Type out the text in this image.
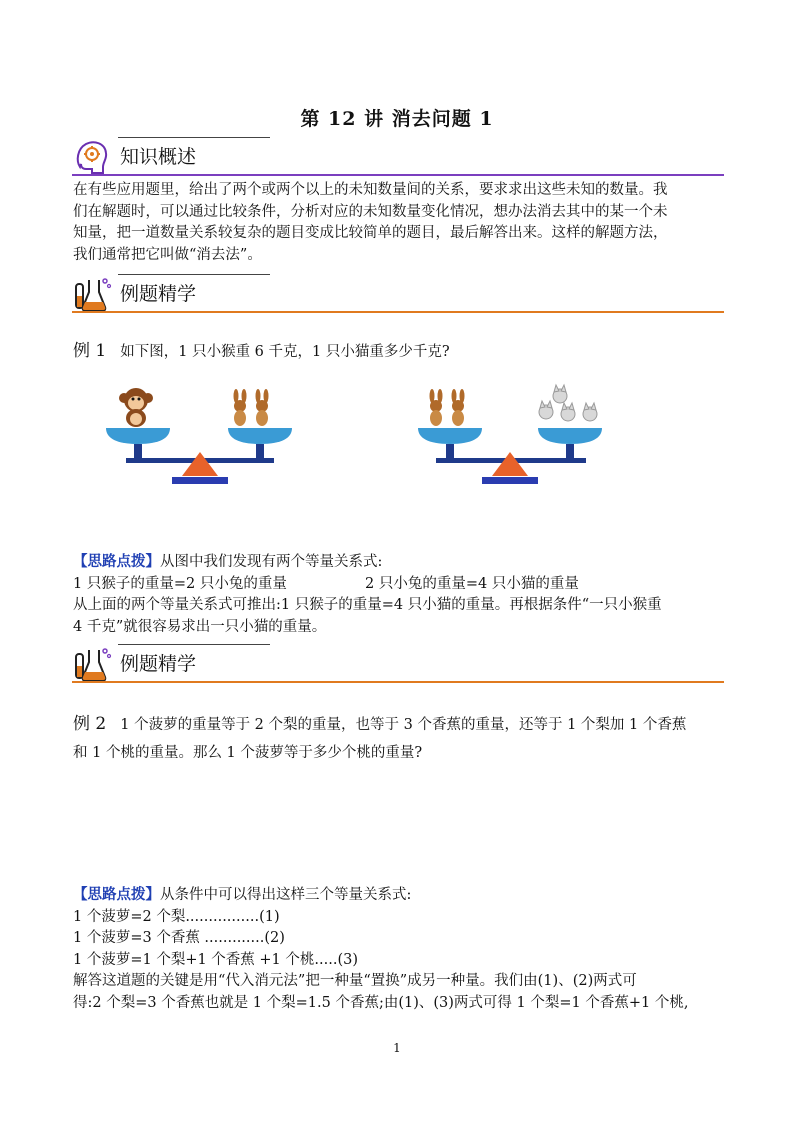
第 12 讲 消去问题 1
知识概述
在有些应用题里，给出了两个或两个以上的未知数量间的关系，要求求出这些未知的数量。我
们在解题时，可以通过比较条件，分析对应的未知数量变化情况，想办法消去其中的某一个未
知量，把一道数量关系较复杂的题目变成比较简单的题目，最后解答出来。这样的解题方法，
我们通常把它叫做“消去法”。
例题精学
例 1 如下图，1 只小猴重 6 千克，1 只小猫重多少千克?
【思路点拨】从图中我们发现有两个等量关系式:
1 只猴子的重量=2 只小兔的重量	2 只小兔的重量=4 只小猫的重量
从上面的两个等量关系式可推出:1 只猴子的重量=4 只小猫的重量。再根据条件“一只小猴重
4 千克”就很容易求出一只小猫的重量。
例题精学
例 2 1 个菠萝的重量等于 2 个梨的重量，也等于 3 个香蕉的重量，还等于 1 个梨加 1 个香蕉
和 1 个桃的重量。那么 1 个菠萝等于多少个桃的重量?
【思路点拨】从条件中可以得出这样三个等量关系式:
1 个菠萝=2 个梨................(1)
1 个菠萝=3 个香蕉 .............(2)
1 个菠萝=1 个梨+1 个香蕉 +1 个桃.....(3)
解答这道题的关键是用“代入消元法”把一种量“置换”成另一种量。我们由(1)、(2)两式可
得:2 个梨=3 个香蕉也就是 1 个梨=1.5 个香蕉;由(1)、(3)两式可得 1 个梨=1 个香蕉+1 个桃,
1
